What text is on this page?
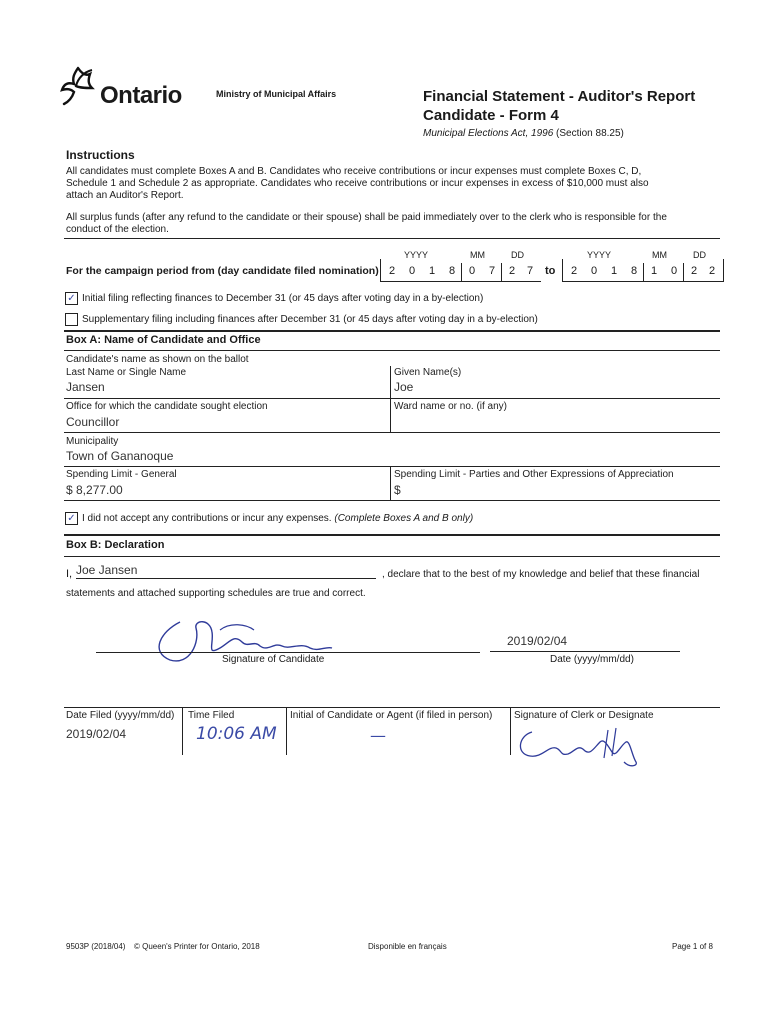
Ontario	Ministry of Municipal Affairs	Financial Statement - Auditor's Report
Candidate - Form 4
Municipal Elections Act, 1996 (Section 88.25)
Instructions
All candidates must complete Boxes A and B. Candidates who receive contributions or incur expenses must complete Boxes C, D, Schedule 1 and Schedule 2 as appropriate. Candidates who receive contributions or incur expenses in excess of $10,000 must also attach an Auditor's Report.
All surplus funds (after any refund to the candidate or their spouse) shall be paid immediately over to the clerk who is responsible for the conduct of the election.
YYYY	MM	DD	YYYY	MM	DD
For the campaign period from (day candidate filed nomination) 2	0	1	8	0	7	2	7	to	2	0	1	8	1	0	2	2
✓ Initial filing reflecting finances to December 31 (or 45 days after voting day in a by-election)
Supplementary filing including finances after December 31 (or 45 days after voting day in a by-election)
Box A: Name of Candidate and Office
Candidate's name as shown on the ballot
Last Name or Single Name
Jansen
Given Name(s)
Joe
Office for which the candidate sought election
Councillor
Ward name or no. (if any)
Municipality
Town of Gananoque
Spending Limit - General
$ 8,277.00
Spending Limit - Parties and Other Expressions of Appreciation
$
✓ I did not accept any contributions or incur any expenses. (Complete Boxes A and B only)
Box B: Declaration
I, Joe Jansen	, declare that to the best of my knowledge and belief that these financial
statements and attached supporting schedules are true and correct.
Signature of Candidate
2019/02/04
Date (yyyy/mm/dd)
Date Filed (yyyy/mm/dd)
2019/02/04
Time Filed
10:06 AM
Initial of Candidate or Agent (if filed in person)
—
Signature of Clerk or Designate
9503P (2018/04) © Queen's Printer for Ontario, 2018	Disponible en français	Page 1 of 8
